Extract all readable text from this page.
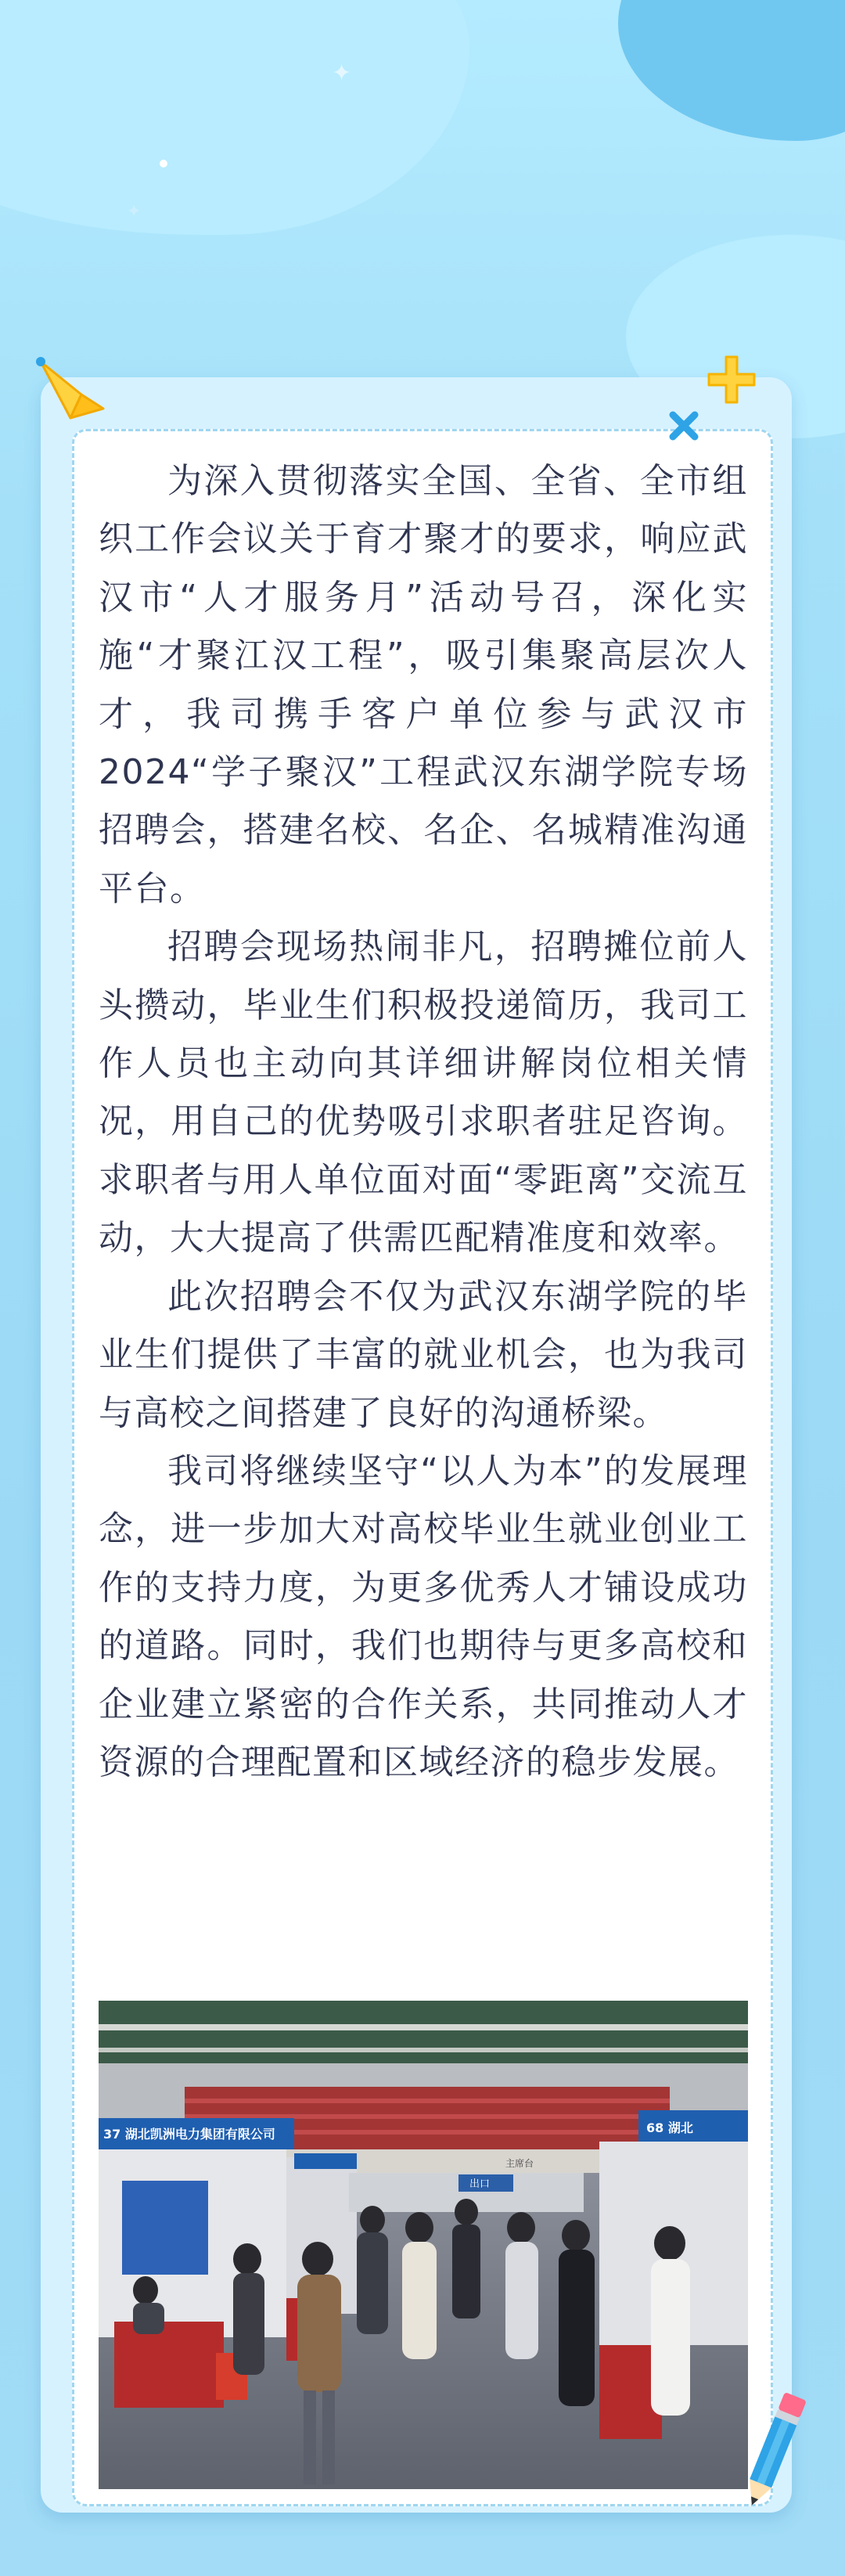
✦
✦

为深入贯彻落实全国、全省、全市组织工作会议关于育才聚才的要求，响应武汉市“人才服务月”活动号召，深化实施“才聚江汉工程”，吸引集聚高层次人才，我司携手客户单位参与武汉市2024“学子聚汉”工程武汉东湖学院专场招聘会，搭建名校、名企、名城精准沟通平台。

招聘会现场热闹非凡，招聘摊位前人头攒动，毕业生们积极投递简历，我司工作人员也主动向其详细讲解岗位相关情况，用自己的优势吸引求职者驻足咨询。求职者与用人单位面对面“零距离”交流互动，大大提高了供需匹配精准度和效率。

此次招聘会不仅为武汉东湖学院的毕业生们提供了丰富的就业机会，也为我司与高校之间搭建了良好的沟通桥梁。

我司将继续坚守“以人为本”的发展理念，进一步加大对高校毕业生就业创业工作的支持力度，为更多优秀人才铺设成功的道路。同时，我们也期待与更多高校和企业建立紧密的合作关系，共同推动人才资源的合理配置和区域经济的稳步发展。

主席台
37 湖北凯洲电力集团有限公司	68 湖北
出口
